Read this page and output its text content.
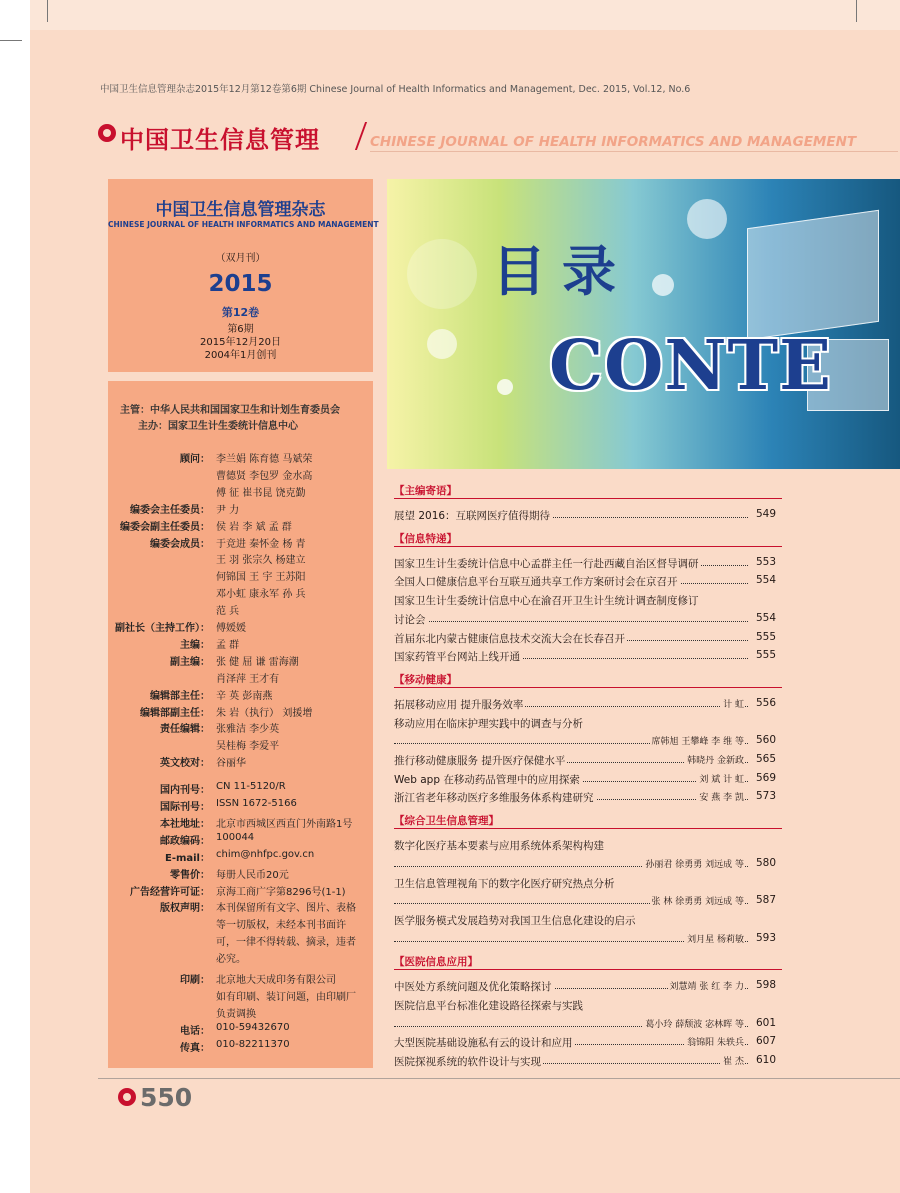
中国卫生信息管理杂志2015年12月第12卷第6期 Chinese Journal of Health Informatics and Management, Dec. 2015, Vol.12, No.6
中国卫生信息管理	CHINESE JOURNAL OF HEALTH INFORMATICS AND MANAGEMENT
中国卫生信息管理杂志
CHINESE JOURNAL OF HEALTH INFORMATICS AND MANAGEMENT
（双月刊）
2015
第12卷
第6期
2015年12月20日
2004年1月创刊
主管：中华人民共和国国家卫生和计划生育委员会
主办：国家卫生计生委统计信息中心
顾问： 李兰娟 陈育德 马斌荣
曹德贤 李包罗 金水高
傅 征 崔书昆 饶克勤
编委会主任委员： 尹 力
编委会副主任委员： 侯 岩 李 斌 孟 群
编委会成员： 于竞进 秦怀金 杨 青
王 羽 张宗久 杨建立
何锦国 王 宇 王苏阳
邓小虹 康永军 孙 兵
范 兵
副社长（主持工作）： 傅媛媛
主编： 孟 群
副主编： 张 健 屈 谦 雷海潮
肖泽萍 王才有
编辑部主任： 辛 英 彭南燕
编辑部副主任： 朱 岩（执行） 刘援增
责任编辑： 张雅洁 李少英
吴桂梅 李爱平
英文校对： 谷丽华
国内刊号： CN 11-5120/R
国际刊号： ISSN 1672-5166
本社地址： 北京市西城区西直门外南路1号
邮政编码： 100044
E-mail： chim@nhfpc.gov.cn
零售价： 每册人民币20元
广告经营许可证： 京海工商广字第8296号(1-1)
版权声明： 本刊保留所有文字、图片、表格
等一切版权，未经本刊书面许
可，一律不得转载、摘录，违者
必究。
印刷： 北京地大天成印务有限公司
如有印刷、装订问题，由印刷厂
负责调换
电话： 010-59432670
传真： 010-82211370
目录
CONTE
【主编寄语】
展望 2016：互联网医疗值得期待	549
【信息特递】
国家卫生计生委统计信息中心孟群主任一行赴西藏自治区督导调研	553
全国人口健康信息平台互联互通共享工作方案研讨会在京召开	554
国家卫生计生委统计信息中心在渝召开卫生计生统计调查制度修订
讨论会	554
首届东北内蒙古健康信息技术交流大会在长春召开	555
国家药管平台网站上线开通	555
【移动健康】
拓展移动应用 提升服务效率	计 虹	556
移动应用在临床护理实践中的调查与分析
席韩旭 王攀峰 李 维 等	560
推行移动健康服务 提升医疗保健水平	韩晓丹 金新政	565
Web app 在移动药品管理中的应用探索	刘 斌 计 虹	569
浙江省老年移动医疗多维服务体系构建研究	安 燕 李 凯	573
【综合卫生信息管理】
数字化医疗基本要素与应用系统体系架构构建
孙丽君 徐勇勇 刘远成 等	580
卫生信息管理视角下的数字化医疗研究热点分析
张 林 徐勇勇 刘远成 等	587
医学服务模式发展趋势对我国卫生信息化建设的启示
刘月星 杨莉敏	593
【医院信息应用】
中医处方系统问题及优化策略探讨	刘慧靖 张 红 李 力	598
医院信息平台标准化建设路径探索与实践
葛小玲 薛颓波 宓林晖 等	601
大型医院基础设施私有云的设计和应用	翁锦阳 朱轶兵	607
医院探视系统的软件设计与实现	崔 杰	610
550
